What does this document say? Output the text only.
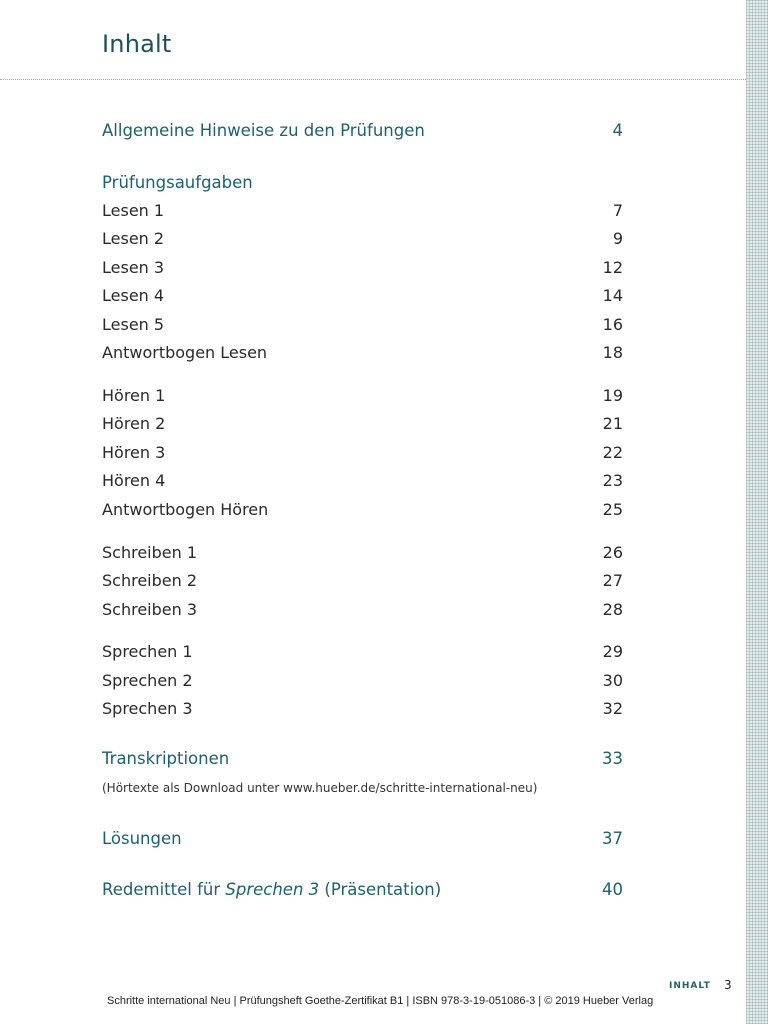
Inhalt
Allgemeine Hinweise zu den Prüfungen	4
Prüfungsaufgaben
Lesen 1	7
Lesen 2	9
Lesen 3	12
Lesen 4	14
Lesen 5	16
Antwortbogen Lesen	18
Hören 1	19
Hören 2	21
Hören 3	22
Hören 4	23
Antwortbogen Hören	25
Schreiben 1	26
Schreiben 2	27
Schreiben 3	28
Sprechen 1	29
Sprechen 2	30
Sprechen 3	32
Transkriptionen	33
(Hörtexte als Download unter www.hueber.de/schritte-international-neu)
Lösungen	37
Redemittel für Sprechen 3 (Präsentation)	40
INHALT 3
Schritte international Neu | Prüfungsheft Goethe-Zertifikat B1 | ISBN 978-3-19-051086-3 | © 2019 Hueber Verlag
